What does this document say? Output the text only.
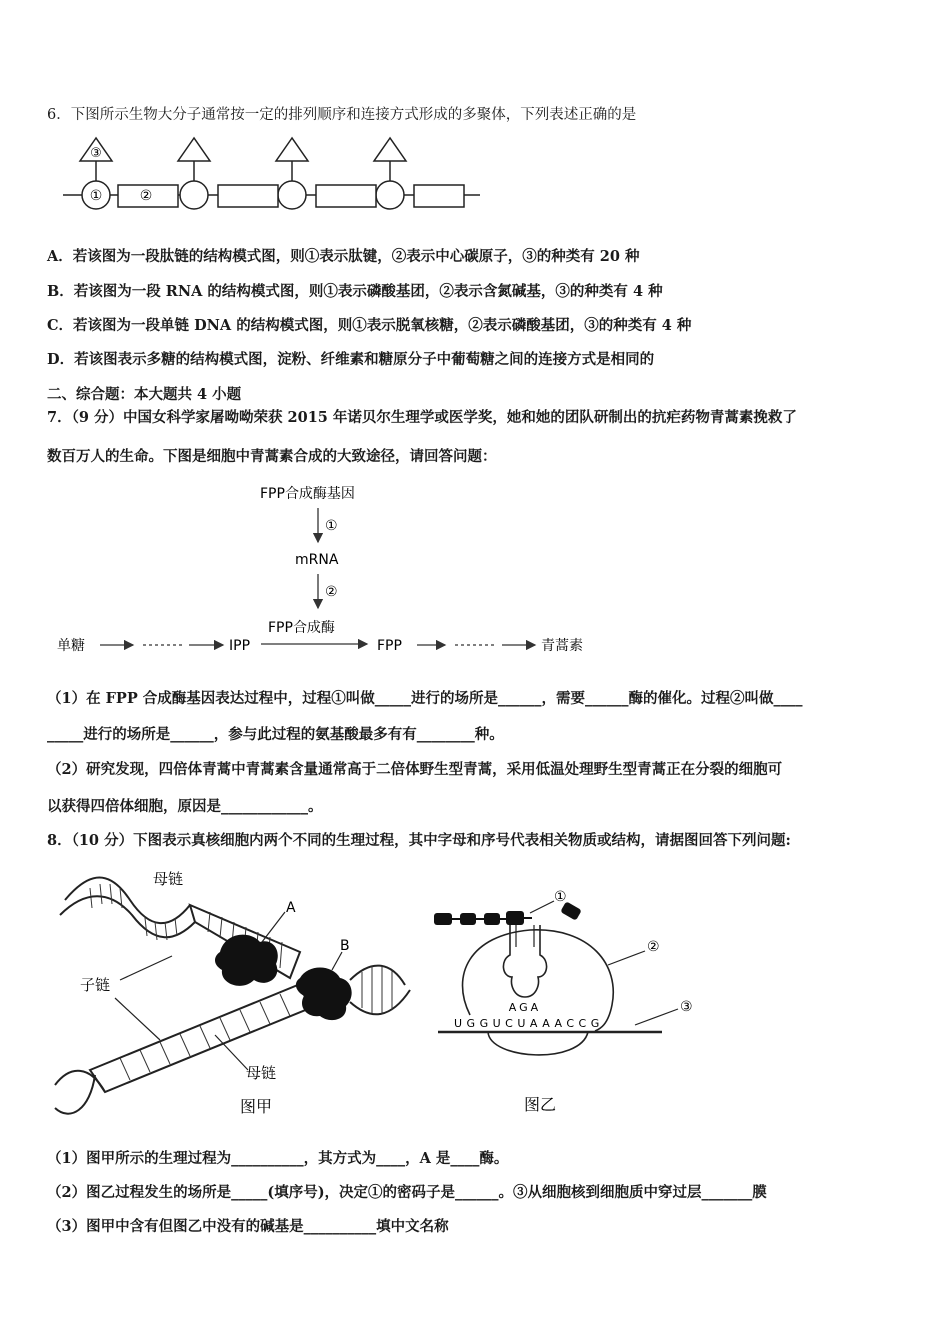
6．下图所示生物大分子通常按一定的排列顺序和连接方式形成的多聚体，下列表述正确的是
③
①	②
A．若该图为一段肽链的结构模式图，则①表示肽键，②表示中心碳原子，③的种类有 20 种
B．若该图为一段 RNA 的结构模式图，则①表示磷酸基团，②表示含氮碱基，③的种类有 4 种
C．若该图为一段单链 DNA 的结构模式图，则①表示脱氧核糖，②表示磷酸基团，③的种类有 4 种
D．若该图表示多糖的结构模式图，淀粉、纤维素和糖原分子中葡萄糖之间的连接方式是相同的
二、综合题：本大题共 4 小题
7．（9 分）中国女科学家屠呦呦荣获 2015 年诺贝尔生理学或医学奖，她和她的团队研制出的抗疟药物青蒿素挽救了
数百万人的生命。下图是细胞中青蒿素合成的大致途径，请回答问题：
FPP合成酶基因
①
mRNA
②
FPP合成酶
单糖	IPP	FPP	青蒿素
（1）在 FPP 合成酶基因表达过程中，过程①叫做_____进行的场所是______，需要______酶的催化。过程②叫做____
_____进行的场所是______，参与此过程的氨基酸最多有有________种。
（2）研究发现，四倍体青蒿中青蒿素含量通常高于二倍体野生型青蒿，采用低温处理野生型青蒿正在分裂的细胞可
以获得四倍体细胞，原因是____________。
8．（10 分）下图表示真核细胞内两个不同的生理过程，其中字母和序号代表相关物质或结构，请据图回答下列问题:
A
B
母链
子链
母链
图甲
①
②
AGA
UGGUCUAAACCG
③
图乙
（1）图甲所示的生理过程为__________，其方式为____，A 是____酶。
（2）图乙过程发生的场所是_____(填序号)，决定①的密码子是______。③从细胞核到细胞质中穿过层_______膜
（3）图甲中含有但图乙中没有的碱基是__________填中文名称
